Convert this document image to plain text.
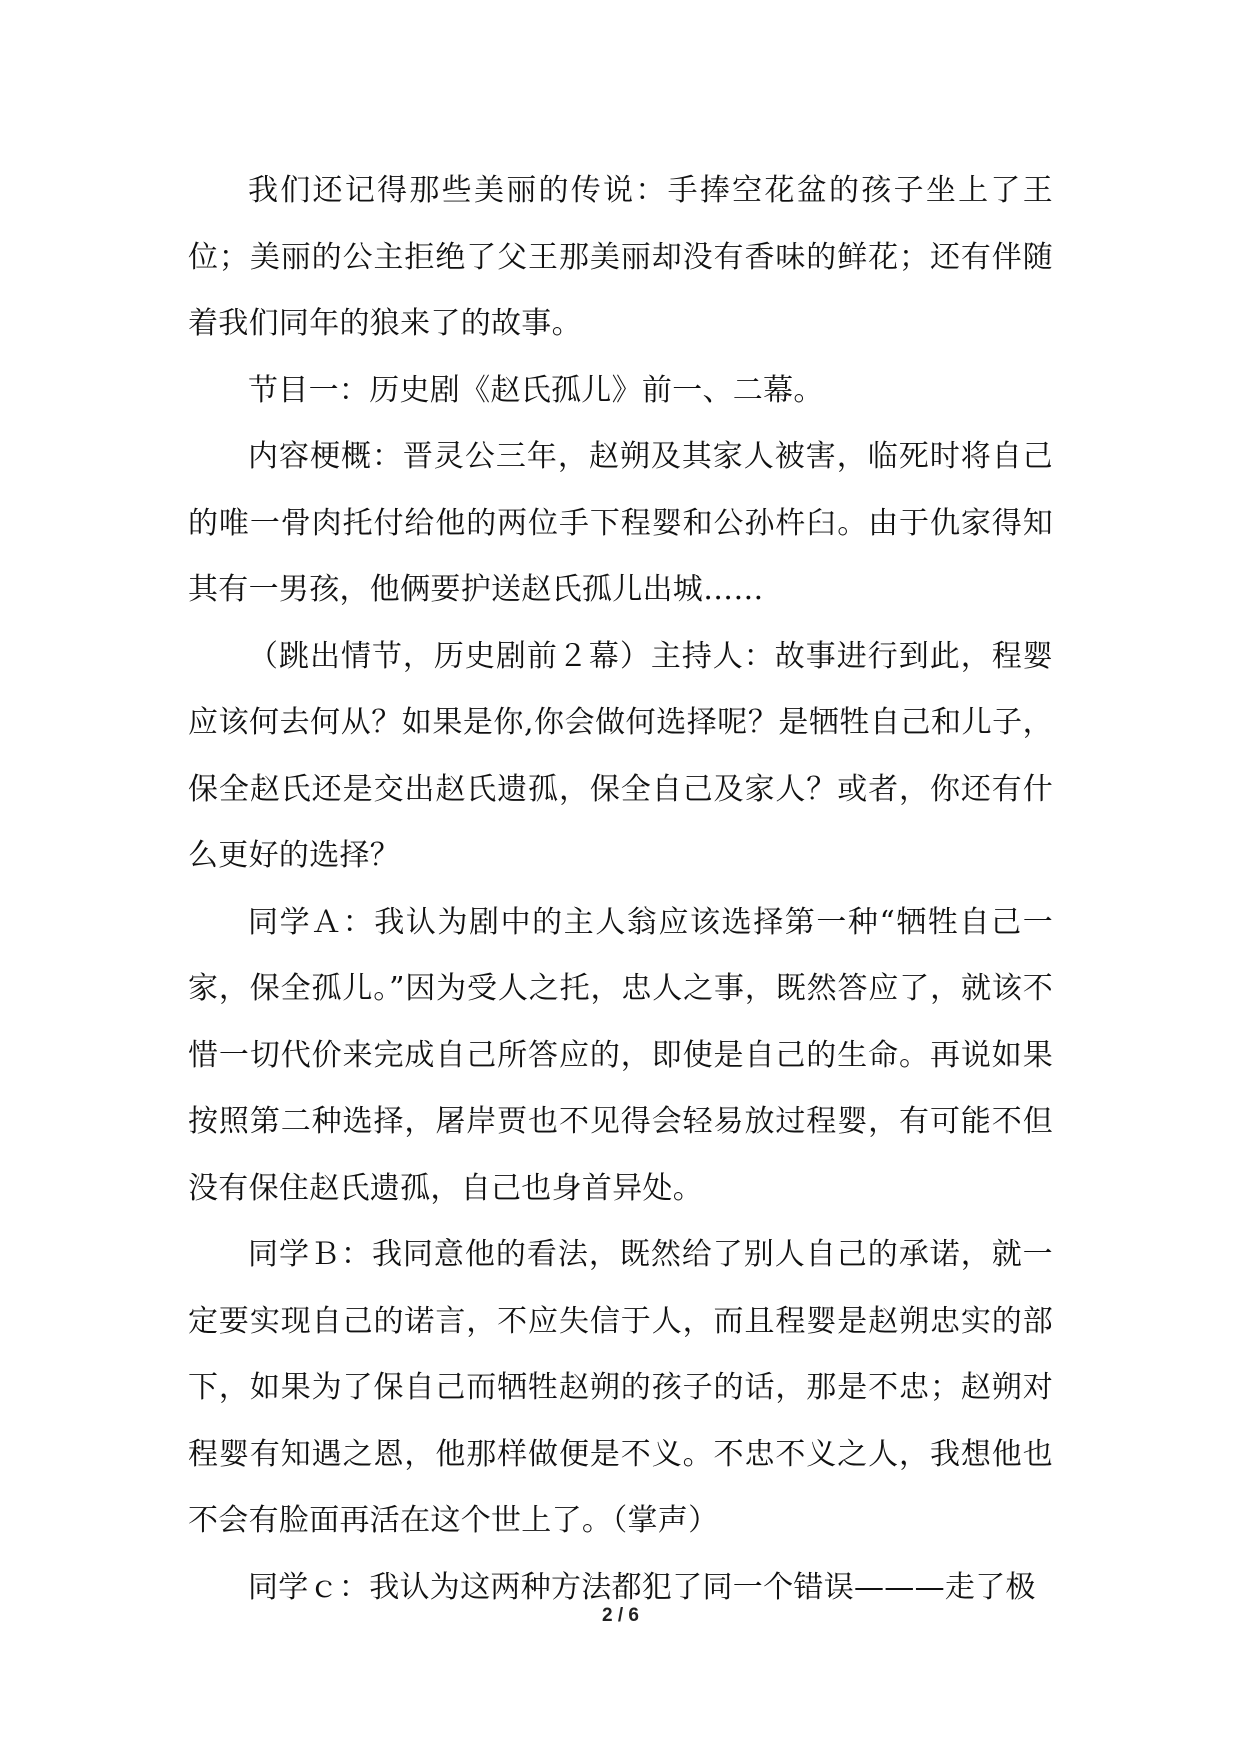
我们还记得那些美丽的传说：手捧空花盆的孩子坐上了王位；美丽的公主拒绝了父王那美丽却没有香味的鲜花；还有伴随着我们同年的狼来了的故事。

节目一：历史剧《赵氏孤儿》前一、二幕。

内容梗概：晋灵公三年，赵朔及其家人被害，临死时将自己的唯一骨肉托付给他的两位手下程婴和公孙杵臼。由于仇家得知其有一男孩，他俩要护送赵氏孤儿出城……

（跳出情节，历史剧前２幕）主持人：故事进行到此，程婴应该何去何从？如果是你,你会做何选择呢？是牺牲自己和儿子，保全赵氏还是交出赵氏遗孤，保全自己及家人？或者，你还有什么更好的选择？

同学Ａ：我认为剧中的主人翁应该选择第一种“牺牲自己一家，保全孤儿。”因为受人之托，忠人之事，既然答应了，就该不惜一切代价来完成自己所答应的，即使是自己的生命。再说如果按照第二种选择，屠岸贾也不见得会轻易放过程婴，有可能不但没有保住赵氏遗孤，自己也身首异处。

同学Ｂ：我同意他的看法，既然给了别人自己的承诺，就一定要实现自己的诺言，不应失信于人，而且程婴是赵朔忠实的部下，如果为了保自己而牺牲赵朔的孩子的话，那是不忠；赵朔对程婴有知遇之恩，他那样做便是不义。不忠不义之人，我想他也不会有脸面再活在这个世上了。（掌声）

同学ｃ：我认为这两种方法都犯了同一个错误———走了极

2 / 6
